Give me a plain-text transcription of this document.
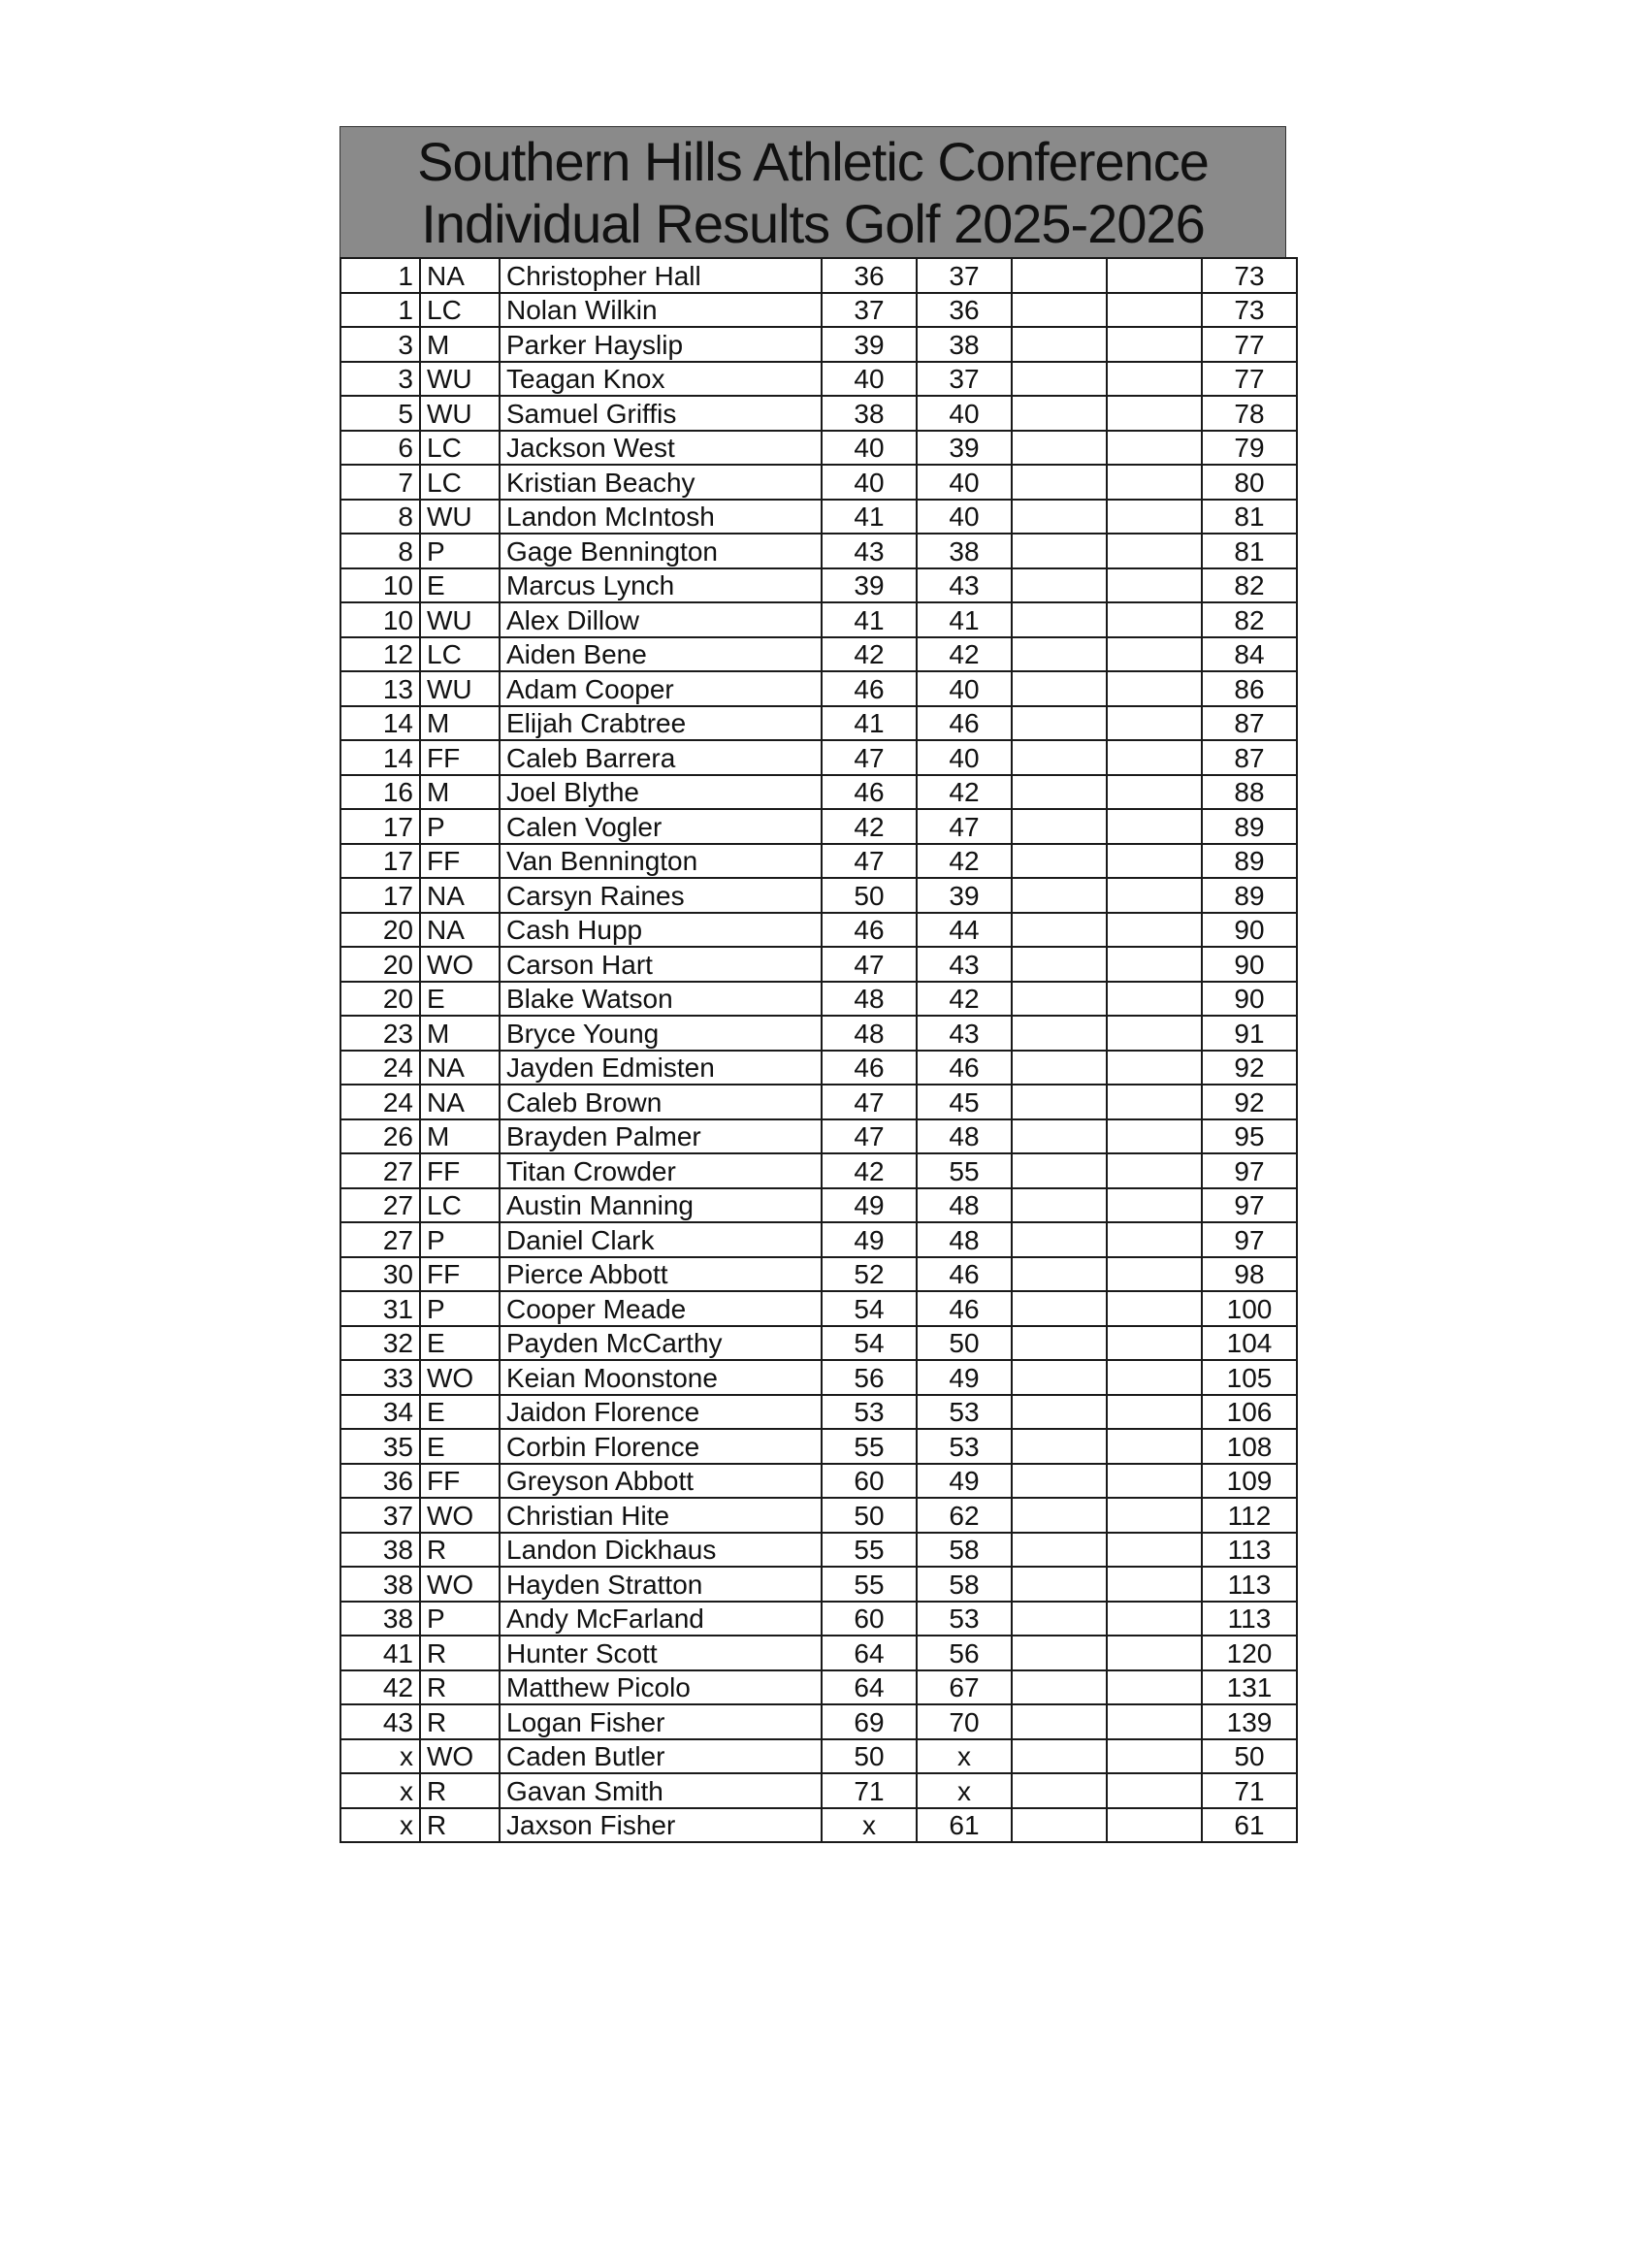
Southern Hills Athletic Conference
Individual Results Golf 2025-2026
1	NA	Christopher Hall	36	37			73
1	LC	Nolan Wilkin	37	36			73
3	M	Parker Hayslip	39	38			77
3	WU	Teagan Knox	40	37			77
5	WU	Samuel Griffis	38	40			78
6	LC	Jackson West	40	39			79
7	LC	Kristian Beachy	40	40			80
8	WU	Landon McIntosh	41	40			81
8	P	Gage Bennington	43	38			81
10	E	Marcus Lynch	39	43			82
10	WU	Alex Dillow	41	41			82
12	LC	Aiden Bene	42	42			84
13	WU	Adam Cooper	46	40			86
14	M	Elijah Crabtree	41	46			87
14	FF	Caleb Barrera	47	40			87
16	M	Joel Blythe	46	42			88
17	P	Calen Vogler	42	47			89
17	FF	Van Bennington	47	42			89
17	NA	Carsyn Raines	50	39			89
20	NA	Cash Hupp	46	44			90
20	WO	Carson Hart	47	43			90
20	E	Blake Watson	48	42			90
23	M	Bryce Young	48	43			91
24	NA	Jayden Edmisten	46	46			92
24	NA	Caleb Brown	47	45			92
26	M	Brayden Palmer	47	48			95
27	FF	Titan Crowder	42	55			97
27	LC	Austin Manning	49	48			97
27	P	Daniel Clark	49	48			97
30	FF	Pierce Abbott	52	46			98
31	P	Cooper Meade	54	46			100
32	E	Payden McCarthy	54	50			104
33	WO	Keian Moonstone	56	49			105
34	E	Jaidon Florence	53	53			106
35	E	Corbin Florence	55	53			108
36	FF	Greyson Abbott	60	49			109
37	WO	Christian Hite	50	62			112
38	R	Landon Dickhaus	55	58			113
38	WO	Hayden Stratton	55	58			113
38	P	Andy McFarland	60	53			113
41	R	Hunter Scott	64	56			120
42	R	Matthew Picolo	64	67			131
43	R	Logan Fisher	69	70			139
x	WO	Caden Butler	50	x			50
x	R	Gavan Smith	71	x			71
x	R	Jaxson Fisher	x	61			61
